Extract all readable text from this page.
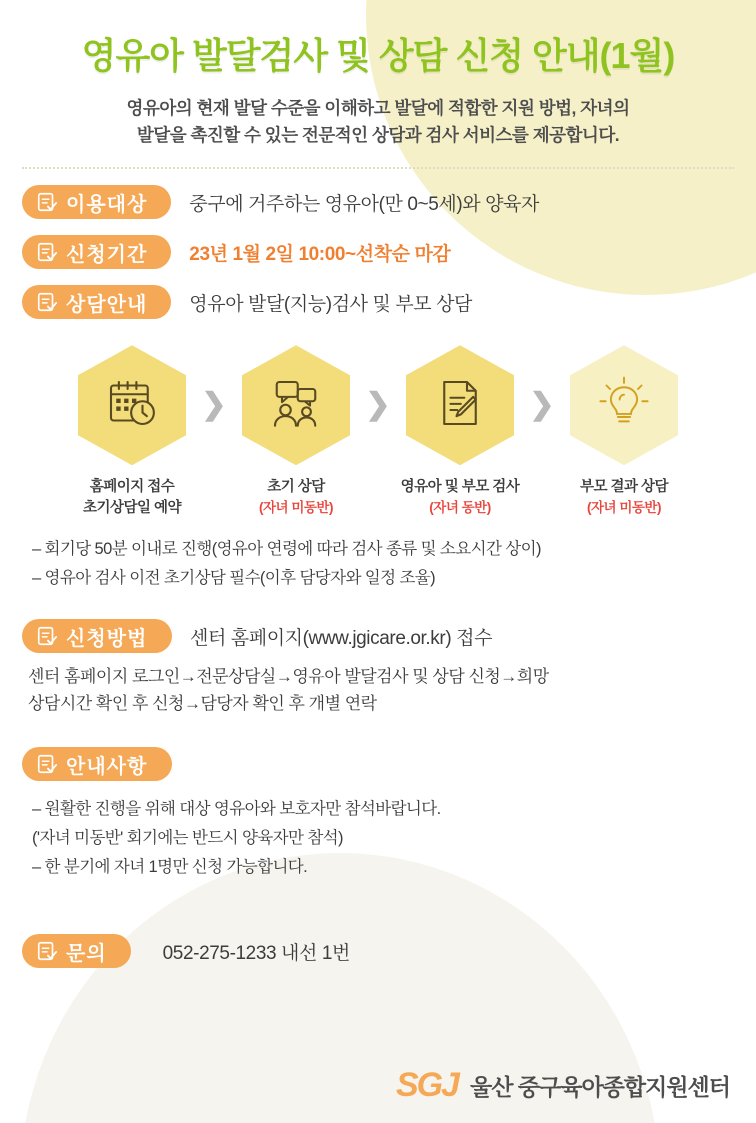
영유아 발달검사 및 상담 신청 안내(1월)
영유아의 현재 발달 수준을 이해하고 발달에 적합한 지원 방법, 자녀의
발달을 촉진할 수 있는 전문적인 상담과 검사 서비스를 제공합니다.
이용대상 중구에 거주하는 영유아(만 0~5세)와 양육자
신청기간 23년 1월 2일 10:00~선착순 마감
상담안내 영유아 발달(지능)검사 및 부모 상담
홈페이지 접수
초기상담일 예약
❯
초기 상담
(자녀 미동반)
❯
영유아 및 부모 검사
(자녀 동반)
❯
부모 결과 상담
(자녀 미동반)
– 회기당 50분 이내로 진행(영유아 연령에 따라 검사 종류 및 소요시간 상이)
– 영유아 검사 이전 초기상담 필수(이후 담당자와 일정 조율)
신청방법 센터 홈페이지(www.jgicare.or.kr) 접수
센터 홈페이지 로그인→전문상담실→영유아 발달검사 및 상담 신청→희망
상담시간 확인 후 신청→담당자 확인 후 개별 연락
안내사항
– 원활한 진행을 위해 대상 영유아와 보호자만 참석바랍니다.
('자녀 미동반' 회기에는 반드시 양육자만 참석)
– 한 분기에 자녀 1명만 신청 가능합니다.
문의	052-275-1233 내선 1번
SGJ 울산 중구육아종합지원센터
